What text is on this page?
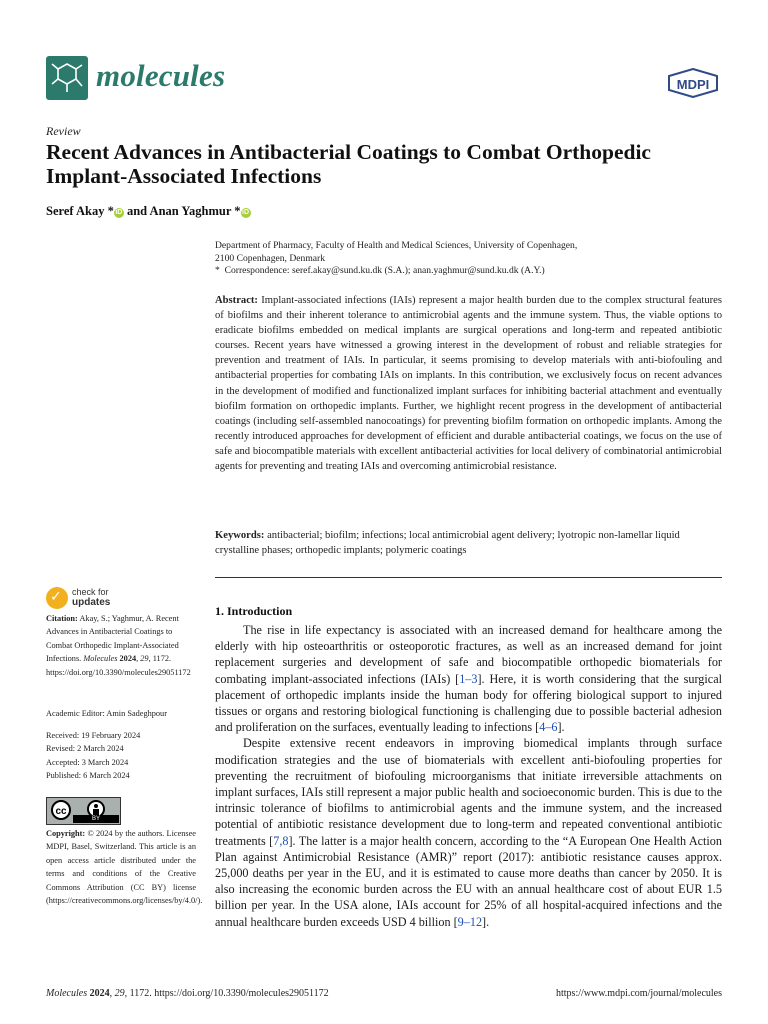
molecules	MDPI
Review
Recent Advances in Antibacterial Coatings to Combat Orthopedic Implant-Associated Infections
Seref Akay * iD and Anan Yaghmur * iD
Department of Pharmacy, Faculty of Health and Medical Sciences, University of Copenhagen,
2100 Copenhagen, Denmark
* Correspondence: seref.akay@sund.ku.dk (S.A.); anan.yaghmur@sund.ku.dk (A.Y.)
Abstract: Implant-associated infections (IAIs) represent a major health burden due to the complex structural features of biofilms and their inherent tolerance to antimicrobial agents and the immune system. Thus, the viable options to eradicate biofilms embedded on medical implants are surgical operations and long-term and repeated antibiotic courses. Recent years have witnessed a growing interest in the development of robust and reliable strategies for prevention and treatment of IAIs. In particular, it seems promising to develop materials with anti-biofouling and antibacterial properties for combating IAIs on implants. In this contribution, we exclusively focus on recent advances in the development of modified and functionalized implant surfaces for inhibiting bacterial attachment and eventually biofilm formation on orthopedic implants. Further, we highlight recent progress in the development of antibacterial coatings (including self-assembled nanocoatings) for preventing biofilm formation on orthopedic implants. Among the recently introduced approaches for development of efficient and durable antibacterial coatings, we focus on the use of safe and biocompatible materials with excellent antibacterial activities for local delivery of combinatorial antimicrobial agents for preventing and treating IAIs and overcoming antimicrobial resistance.
Keywords: antibacterial; biofilm; infections; local antimicrobial agent delivery; lyotropic non-lamellar liquid crystalline phases; orthopedic implants; polymeric coatings
✓ check for
updates
Citation: Akay, S.; Yaghmur, A. Recent Advances in Antibacterial Coatings to Combat Orthopedic Implant-Associated Infections. Molecules 2024, 29, 1172. https://doi.org/10.3390/molecules29051172
Academic Editor: Amin Sadeghpour
Received: 19 February 2024
Revised: 2 March 2024
Accepted: 3 March 2024
Published: 6 March 2024
cc
BY
Copyright: © 2024 by the authors. Licensee MDPI, Basel, Switzerland. This article is an open access article distributed under the terms and conditions of the Creative Commons Attribution (CC BY) license (https://creativecommons.org/licenses/by/4.0/).
1. Introduction

The rise in life expectancy is associated with an increased demand for healthcare among the elderly with hip osteoarthritis or osteoporotic fractures, as well as an increased demand for joint replacement surgeries and development of safe and biocompatible orthopedic biomaterials for combating implant-associated infections (IAIs) [1–3]. Here, it is worth considering that the surgical placement of orthopedic implants inside the human body for offering biological support to injured tissues or organs and restoring biological functioning is challenging due to possible bacterial adhesion and proliferation on the surfaces, eventually leading to infections [4–6].

Despite extensive recent endeavors in improving biomedical implants through surface modification strategies and the use of biomaterials with excellent anti-biofouling properties for preventing the recruitment of biofouling microorganisms that initiate irreversible attachments on implant surfaces, IAIs still represent a major public health and socioeconomic burden. This is due to the intrinsic tolerance of biofilms to antimicrobial agents and the immune system, and the increased potential of antibiotic resistance development due to long-term and repeated conventional antibiotic treatments [7,8]. The latter is a major health concern, according to the “A European One Health Action Plan against Antimicrobial Resistance (AMR)” report (2017): antibiotic resistance causes approx. 25,000 deaths per year in the EU, and it is estimated to cause more deaths than cancer by 2050. It is also increasing the economic burden across the EU with an annual healthcare cost of about EUR 1.5 billion per year. In the USA alone, IAIs account for 25% of all hospital-acquired infections and the annual healthcare burden exceeds USD 4 billion [9–12].

Molecules 2024, 29, 1172. https://doi.org/10.3390/molecules29051172	https://www.mdpi.com/journal/molecules
